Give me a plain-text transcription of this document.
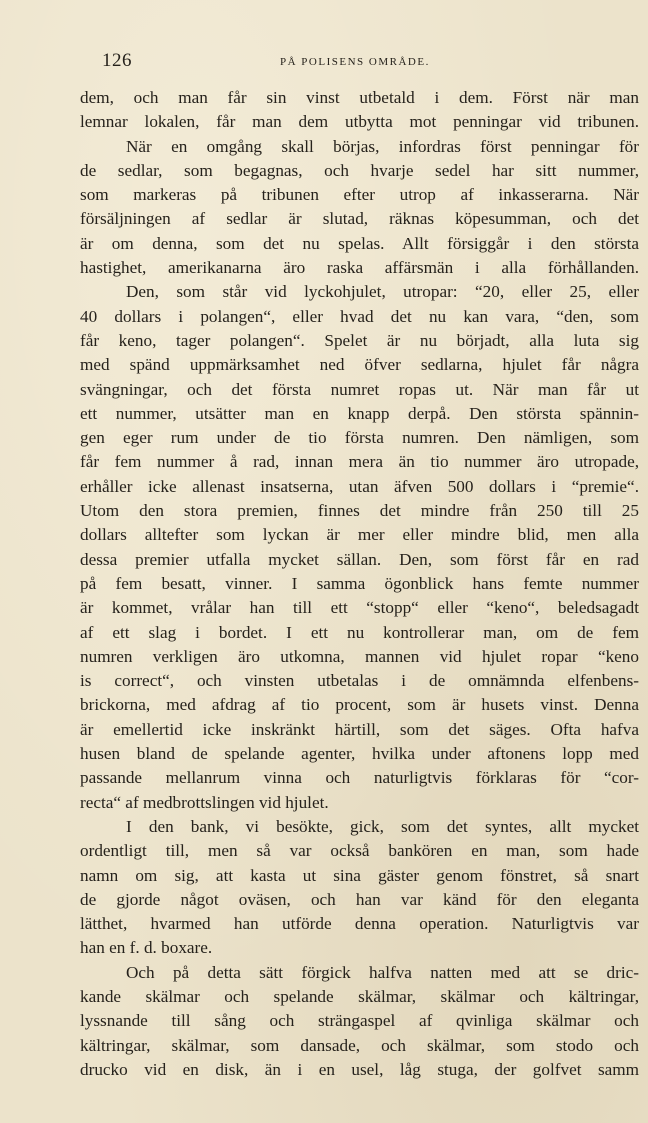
126	PÅ POLISENS OMRÅDE.
dem, och man får sin vinst utbetald i dem. Först när man
lemnar lokalen, får man dem utbytta mot penningar vid tribunen.
När en omgång skall börjas, infordras först penningar för
de sedlar, som begagnas, och hvarje sedel har sitt nummer,
som markeras på tribunen efter utrop af inkasserarna. När
försäljningen af sedlar är slutad, räknas köpesumman, och det
är om denna, som det nu spelas. Allt försiggår i den största
hastighet, amerikanarna äro raska affärsmän i alla förhållanden.
Den, som står vid lyckohjulet, utropar: “20, eller 25, eller
40 dollars i polangen“, eller hvad det nu kan vara, “den, som
får keno, tager polangen“. Spelet är nu börjadt, alla luta sig
med spänd uppmärksamhet ned öfver sedlarna, hjulet får några
svängningar, och det första numret ropas ut. När man får ut
ett nummer, utsätter man en knapp derpå. Den största spännin-
gen eger rum under de tio första numren. Den nämligen, som
får fem nummer å rad, innan mera än tio nummer äro utropade,
erhåller icke allenast insatserna, utan äfven 500 dollars i “premie“.
Utom den stora premien, finnes det mindre från 250 till 25
dollars alltefter som lyckan är mer eller mindre blid, men alla
dessa premier utfalla mycket sällan. Den, som först får en rad
på fem besatt, vinner. I samma ögonblick hans femte nummer
är kommet, vrålar han till ett “stopp“ eller “keno“, beledsagadt
af ett slag i bordet. I ett nu kontrollerar man, om de fem
numren verkligen äro utkomna, mannen vid hjulet ropar “keno
is correct“, och vinsten utbetalas i de omnämnda elfenbens-
brickorna, med afdrag af tio procent, som är husets vinst. Denna
är emellertid icke inskränkt härtill, som det säges. Ofta hafva
husen bland de spelande agenter, hvilka under aftonens lopp med
passande mellanrum vinna och naturligtvis förklaras för “cor-
recta“ af medbrottslingen vid hjulet.
I den bank, vi besökte, gick, som det syntes, allt mycket
ordentligt till, men så var också bankören en man, som hade
namn om sig, att kasta ut sina gäster genom fönstret, så snart
de gjorde något oväsen, och han var känd för den eleganta
lätthet, hvarmed han utförde denna operation. Naturligtvis var
han en f. d. boxare.
Och på detta sätt förgick halfva natten med att se dric-
kande skälmar och spelande skälmar, skälmar och kältringar,
lyssnande till sång och strängaspel af qvinliga skälmar och
kältringar, skälmar, som dansade, och skälmar, som stodo och
drucko vid en disk, än i en usel, låg stuga, der golfvet samm
